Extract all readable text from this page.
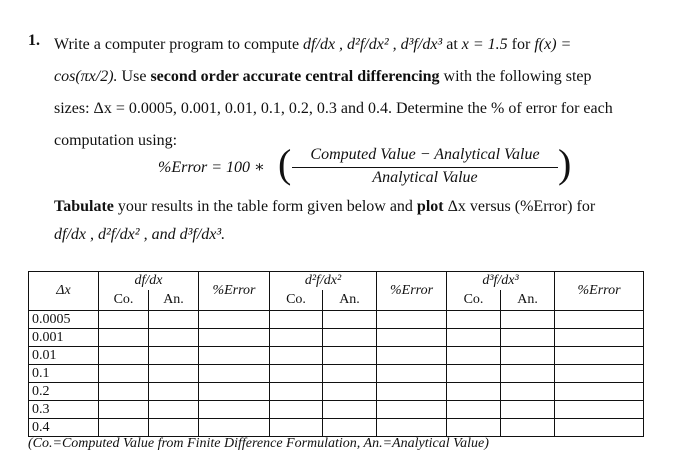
1. Write a computer program to compute df/dx , d²f/dx² , d³f/dx³ at x = 1.5 for f(x) =
cos(πx/2). Use second order accurate central differencing with the following step
sizes: Δx = 0.0005, 0.001, 0.01, 0.1, 0.2, 0.3 and 0.4. Determine the % of error for each
computation using:
%Error = 100 ∗ (	Computed Value − Analytical Value
Analytical Value	)
Tabulate your results in the table form given below and plot Δx versus (%Error) for
df/dx , d²f/dx² , and d³f/dx³.
Δx	df/dx		%Error	d²f/dx²		%Error	d³f/dx³		%Error
	Co.	An.		Co.	An.		Co.	An.	
0.0005									
0.001									
0.01									
0.1									
0.2									
0.3									
0.4									
(Co.=Computed Value from Finite Difference Formulation, An.=Analytical Value)
